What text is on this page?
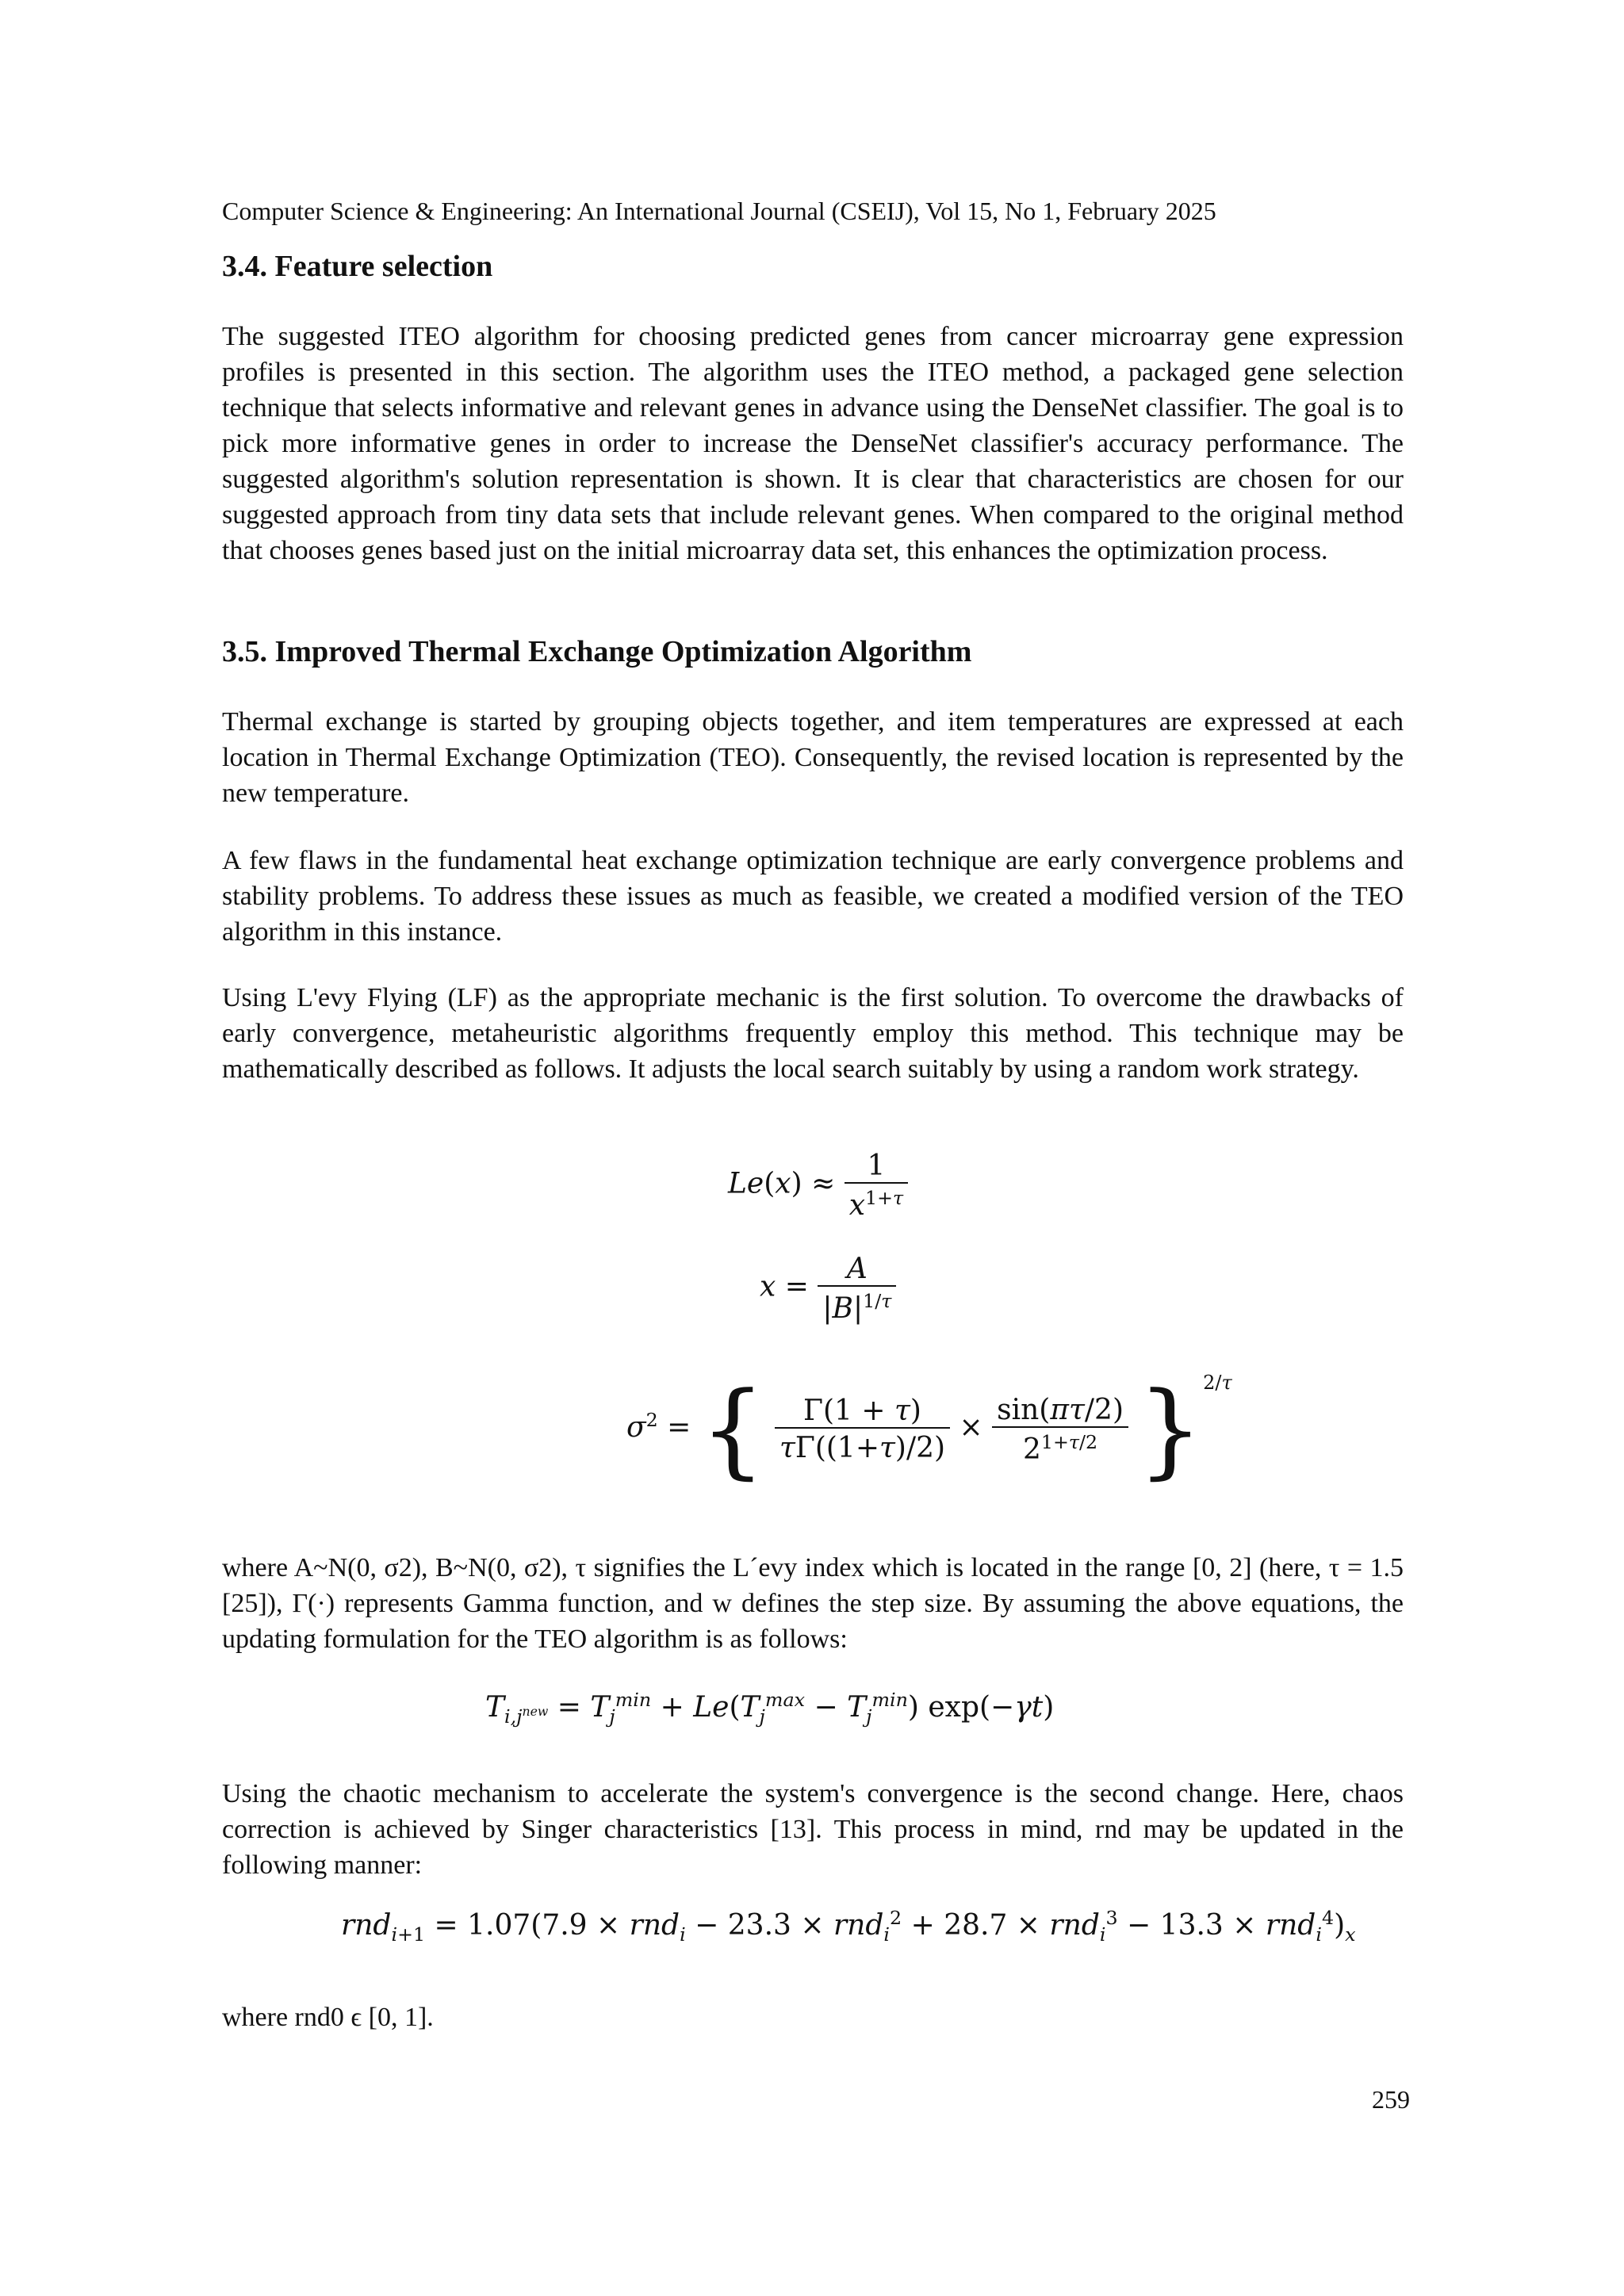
Computer Science & Engineering: An International Journal (CSEIJ), Vol 15, No 1, February 2025
3.4. Feature selection

The suggested ITEO algorithm for choosing predicted genes from cancer microarray gene expression profiles is presented in this section. The algorithm uses the ITEO method, a packaged gene selection technique that selects informative and relevant genes in advance using the DenseNet classifier. The goal is to pick more informative genes in order to increase the DenseNet classifier's accuracy performance. The suggested algorithm's solution representation is shown. It is clear that characteristics are chosen for our suggested approach from tiny data sets that include relevant genes. When compared to the original method that chooses genes based just on the initial microarray data set, this enhances the optimization process.

3.5. Improved Thermal Exchange Optimization Algorithm

Thermal exchange is started by grouping objects together, and item temperatures are expressed at each location in Thermal Exchange Optimization (TEO). Consequently, the revised location is represented by the new temperature.

A few flaws in the fundamental heat exchange optimization technique are early convergence problems and stability problems. To address these issues as much as feasible, we created a modified version of the TEO algorithm in this instance.

Using L'evy Flying (LF) as the appropriate mechanic is the first solution. To overcome the drawbacks of early convergence, metaheuristic algorithms frequently employ this method. This technique may be mathematically described as follows. It adjusts the local search suitably by using a random work strategy.

$Le(x) \approx \frac{1}{x^{1+\tau}}$
$x = \frac{A}{|B|^{1/\tau}}$
$\sigma^2$ = { $\frac{\Gamma(1 + \tau)}{\tau\Gamma((1+\tau)/2)} \times \frac{\sin(\pi\tau/2)}{2^{1+\tau/2}} \}^{2/\tau}$

where A~N(0, σ2), B~N(0, σ2), τ signifies the L´evy index which is located in the range [0, 2] (here, τ = 1.5 [25]), Γ(·) represents Gamma function, and w defines the step size. By assuming the above equations, the updating formulation for the TEO algorithm is as follows:

$T_{i,j^{new}} = T_j^{min} + Le(T_j^{max} - T_j^{min})$ exp(−γt)

Using the chaotic mechanism to accelerate the system's convergence is the second change. Here, chaos correction is achieved by Singer characteristics [13]. This process in mind, rnd may be updated in the following manner:

$rnd_{i+1} = 1.07(7.9 \times rnd_i - 23.3 \times rnd_i^2 + 28.7 \times rnd_i^3 - 13.3 \times rnd_i^4)_x$

where rnd0 ϵ [0, 1].

259
